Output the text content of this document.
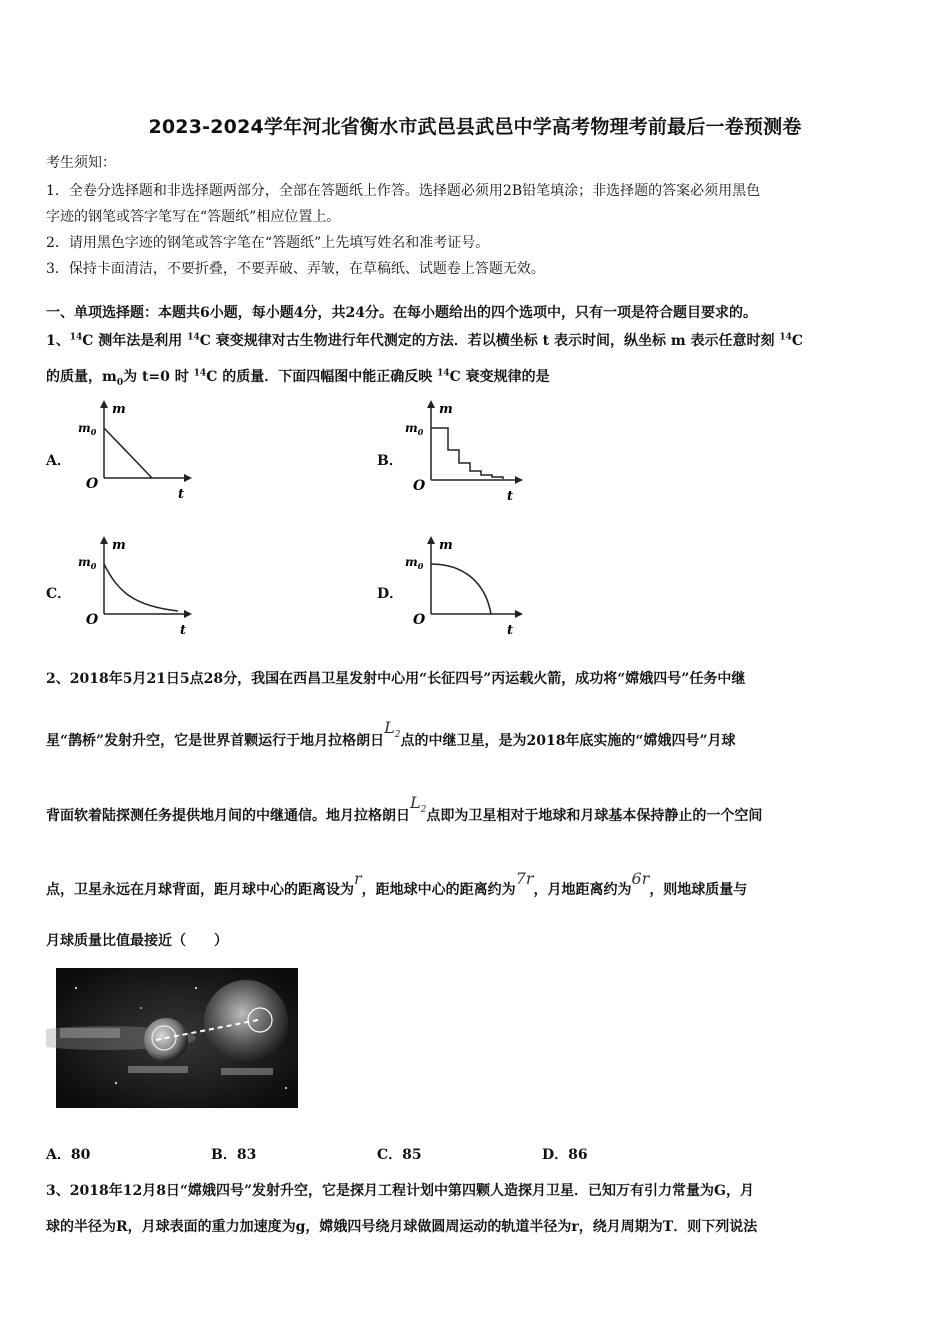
2023-2024学年河北省衡水市武邑县武邑中学高考物理考前最后一卷预测卷
考生须知：
1．全卷分选择题和非选择题两部分，全部在答题纸上作答。选择题必须用2B铅笔填涂；非选择题的答案必须用黑色
字迹的钢笔或答字笔写在“答题纸”相应位置上。
2．请用黑色字迹的钢笔或答字笔在“答题纸”上先填写姓名和准考证号。
3．保持卡面清洁，不要折叠，不要弄破、弄皱，在草稿纸、试题卷上答题无效。
一、单项选择题：本题共6小题，每小题4分，共24分。在每小题给出的四个选项中，只有一项是符合题目要求的。
1、$^{14}$C 测年法是利用 $^{14}$C 衰变规律对古生物进行年代测定的方法．若以横坐标 t 表示时间，纵坐标 m 表示任意时刻 $^{14}$C
的质量，$m_0$为 t=0 时 $^{14}$C 的质量．下面四幅图中能正确反映 $^{14}$C 衰变规律的是
A．	B．
C．	D．
m
$m_0$
O
t
m
$m_0$
O
t
m
$m_0$
O
t
m
$m_0$
O
t
2、2018年5月21日5点28分，我国在西昌卫星发射中心用“长征四号”丙运载火箭，成功将“嫦娥四号”任务中继
星“鹊桥”发射升空，它是世界首颗运行于地月拉格朗日$L_2$点的中继卫星，是为2018年底实施的“嫦娥四号”月球
背面软着陆探测任务提供地月间的中继通信。地月拉格朗日$L_2$点即为卫星相对于地球和月球基本保持静止的一个空间
点，卫星永远在月球背面，距月球中心的距离设为r，距地球中心的距离约为7r，月地距离约为6r，则地球质量与
月球质量比值最接近（　　）
A．80	B．83	C．85	D．86
3、2018年12月8日“嫦娥四号”发射升空，它是探月工程计划中第四颗人造探月卫星．已知万有引力常量为G，月
球的半径为R，月球表面的重力加速度为g，嫦娥四号绕月球做圆周运动的轨道半径为r，绕月周期为T．则下列说法
